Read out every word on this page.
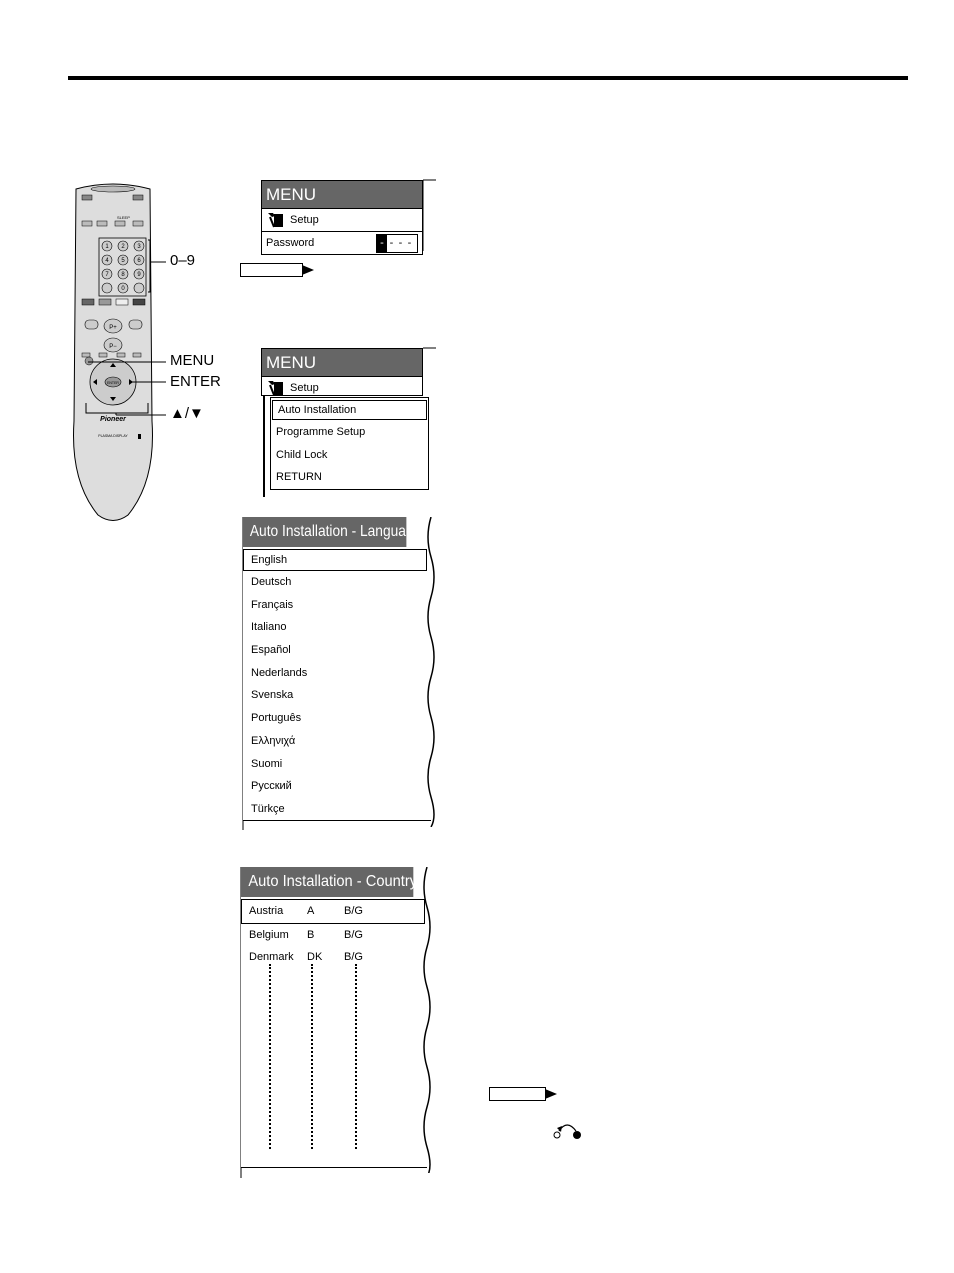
SLEEP
1 2 3
4 5 6
7 8 9
0
P+
P−
ENTER
Pioneer
PLASMA DISPLAY
0–9
MENU
ENTER
▲/▼
MENU
Setup
Password	- - - -
MENU
Setup
Auto Installation
Programme Setup
Child Lock
RETURN
Auto Installation - Language
English
Deutsch
Français
Italiano
Español
Nederlands
Svenska
Português
Ελληνιχά
Suomi
Русский
Türkçe
Auto Installation - Country
Austria A	B/G
Belgium B	B/G
Denmark DK B/G
